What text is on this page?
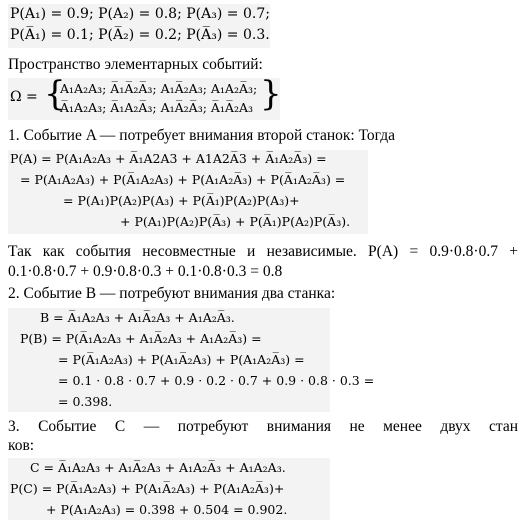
P(A₁) = 0.9; P(A₂) = 0.8; P(A₃) = 0.7;
P(A̅₁) = 0.1; P(A̅₂) = 0.2; P(A̅₃) = 0.3.
Пространство элементарных событий:
Ω = {
A₁A₂A₃; A̅₁A̅₂A̅₃; A₁A̅₂A₃; A₁A₂A̅₃;
A̅₁A₂A₃; A̅₁A₂A̅₃; A₁A̅₂A̅₃; A̅₁A̅₂A₃ }
1. Событие A — потребует внимания второй станок: Тогда
P(A) = P(A₁A₂A₃ + A̅₁A2A3 + A1A2A̅3 + A̅₁A₂A̅₃) =
= P(A₁A₂A₃) + P(A̅₁A₂A₃) + P(A₁A₂A̅₃) + P(A̅₁A₂A̅₃) =
= P(A₁)P(A₂)P(A₃) + P(A̅₁)P(A₂)P(A₃)+
+ P(A₁)P(A₂)P(A̅₃) + P(A̅₁)P(A₂)P(A̅₃).
Так как события несовместные и независимые. P(A) = 0.9·0.8·0.7 +
0.1·0.8·0.7 + 0.9·0.8·0.3 + 0.1·0.8·0.3 = 0.8
2. Событие B — потребуют внимания два станка:
B = A̅₁A₂A₃ + A₁A̅₂A₃ + A₁A₂A̅₃.
P(B) = P(A̅₁A₂A₃ + A₁A̅₂A₃ + A₁A₂A̅₃) =
= P(A̅₁A₂A₃) + P(A₁A̅₂A₃) + P(A₁A₂A̅₃) =
= 0.1 · 0.8 · 0.7 + 0.9 · 0.2 · 0.7 + 0.9 · 0.8 · 0.3 =
= 0.398.
3. Событие C — потребуют внимания не менее двух стан
ков:
C = A̅₁A₂A₃ + A₁A̅₂A₃ + A₁A₂A̅₃ + A₁A₂A₃.
P(C) = P(A̅₁A₂A₃) + P(A₁A̅₂A₃) + P(A₁A₂A̅₃)+
+ P(A₁A₂A₃) = 0.398 + 0.504 = 0.902.
